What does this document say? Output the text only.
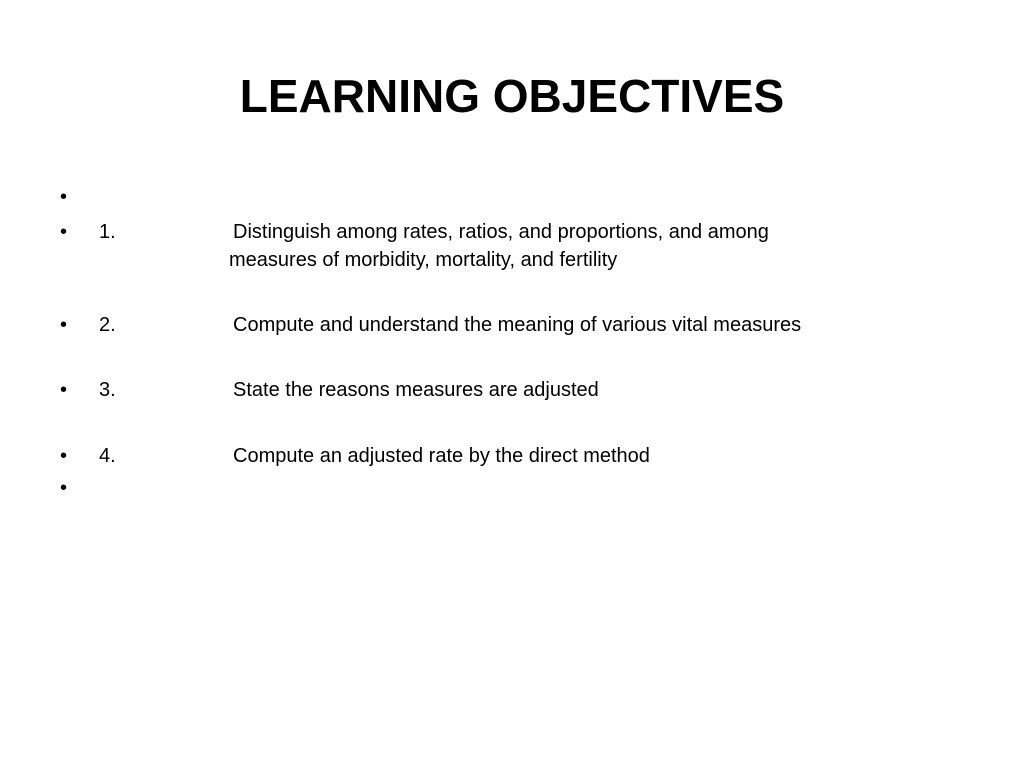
LEARNING OBJECTIVES
•
•	1.	Distinguish among rates, ratios, and proportions, and among
measures of morbidity, mortality, and fertility
•	2.	Compute and understand the meaning of various vital measures
•	3.	State the reasons measures are adjusted
•	4.	Compute an adjusted rate by the direct method
•
